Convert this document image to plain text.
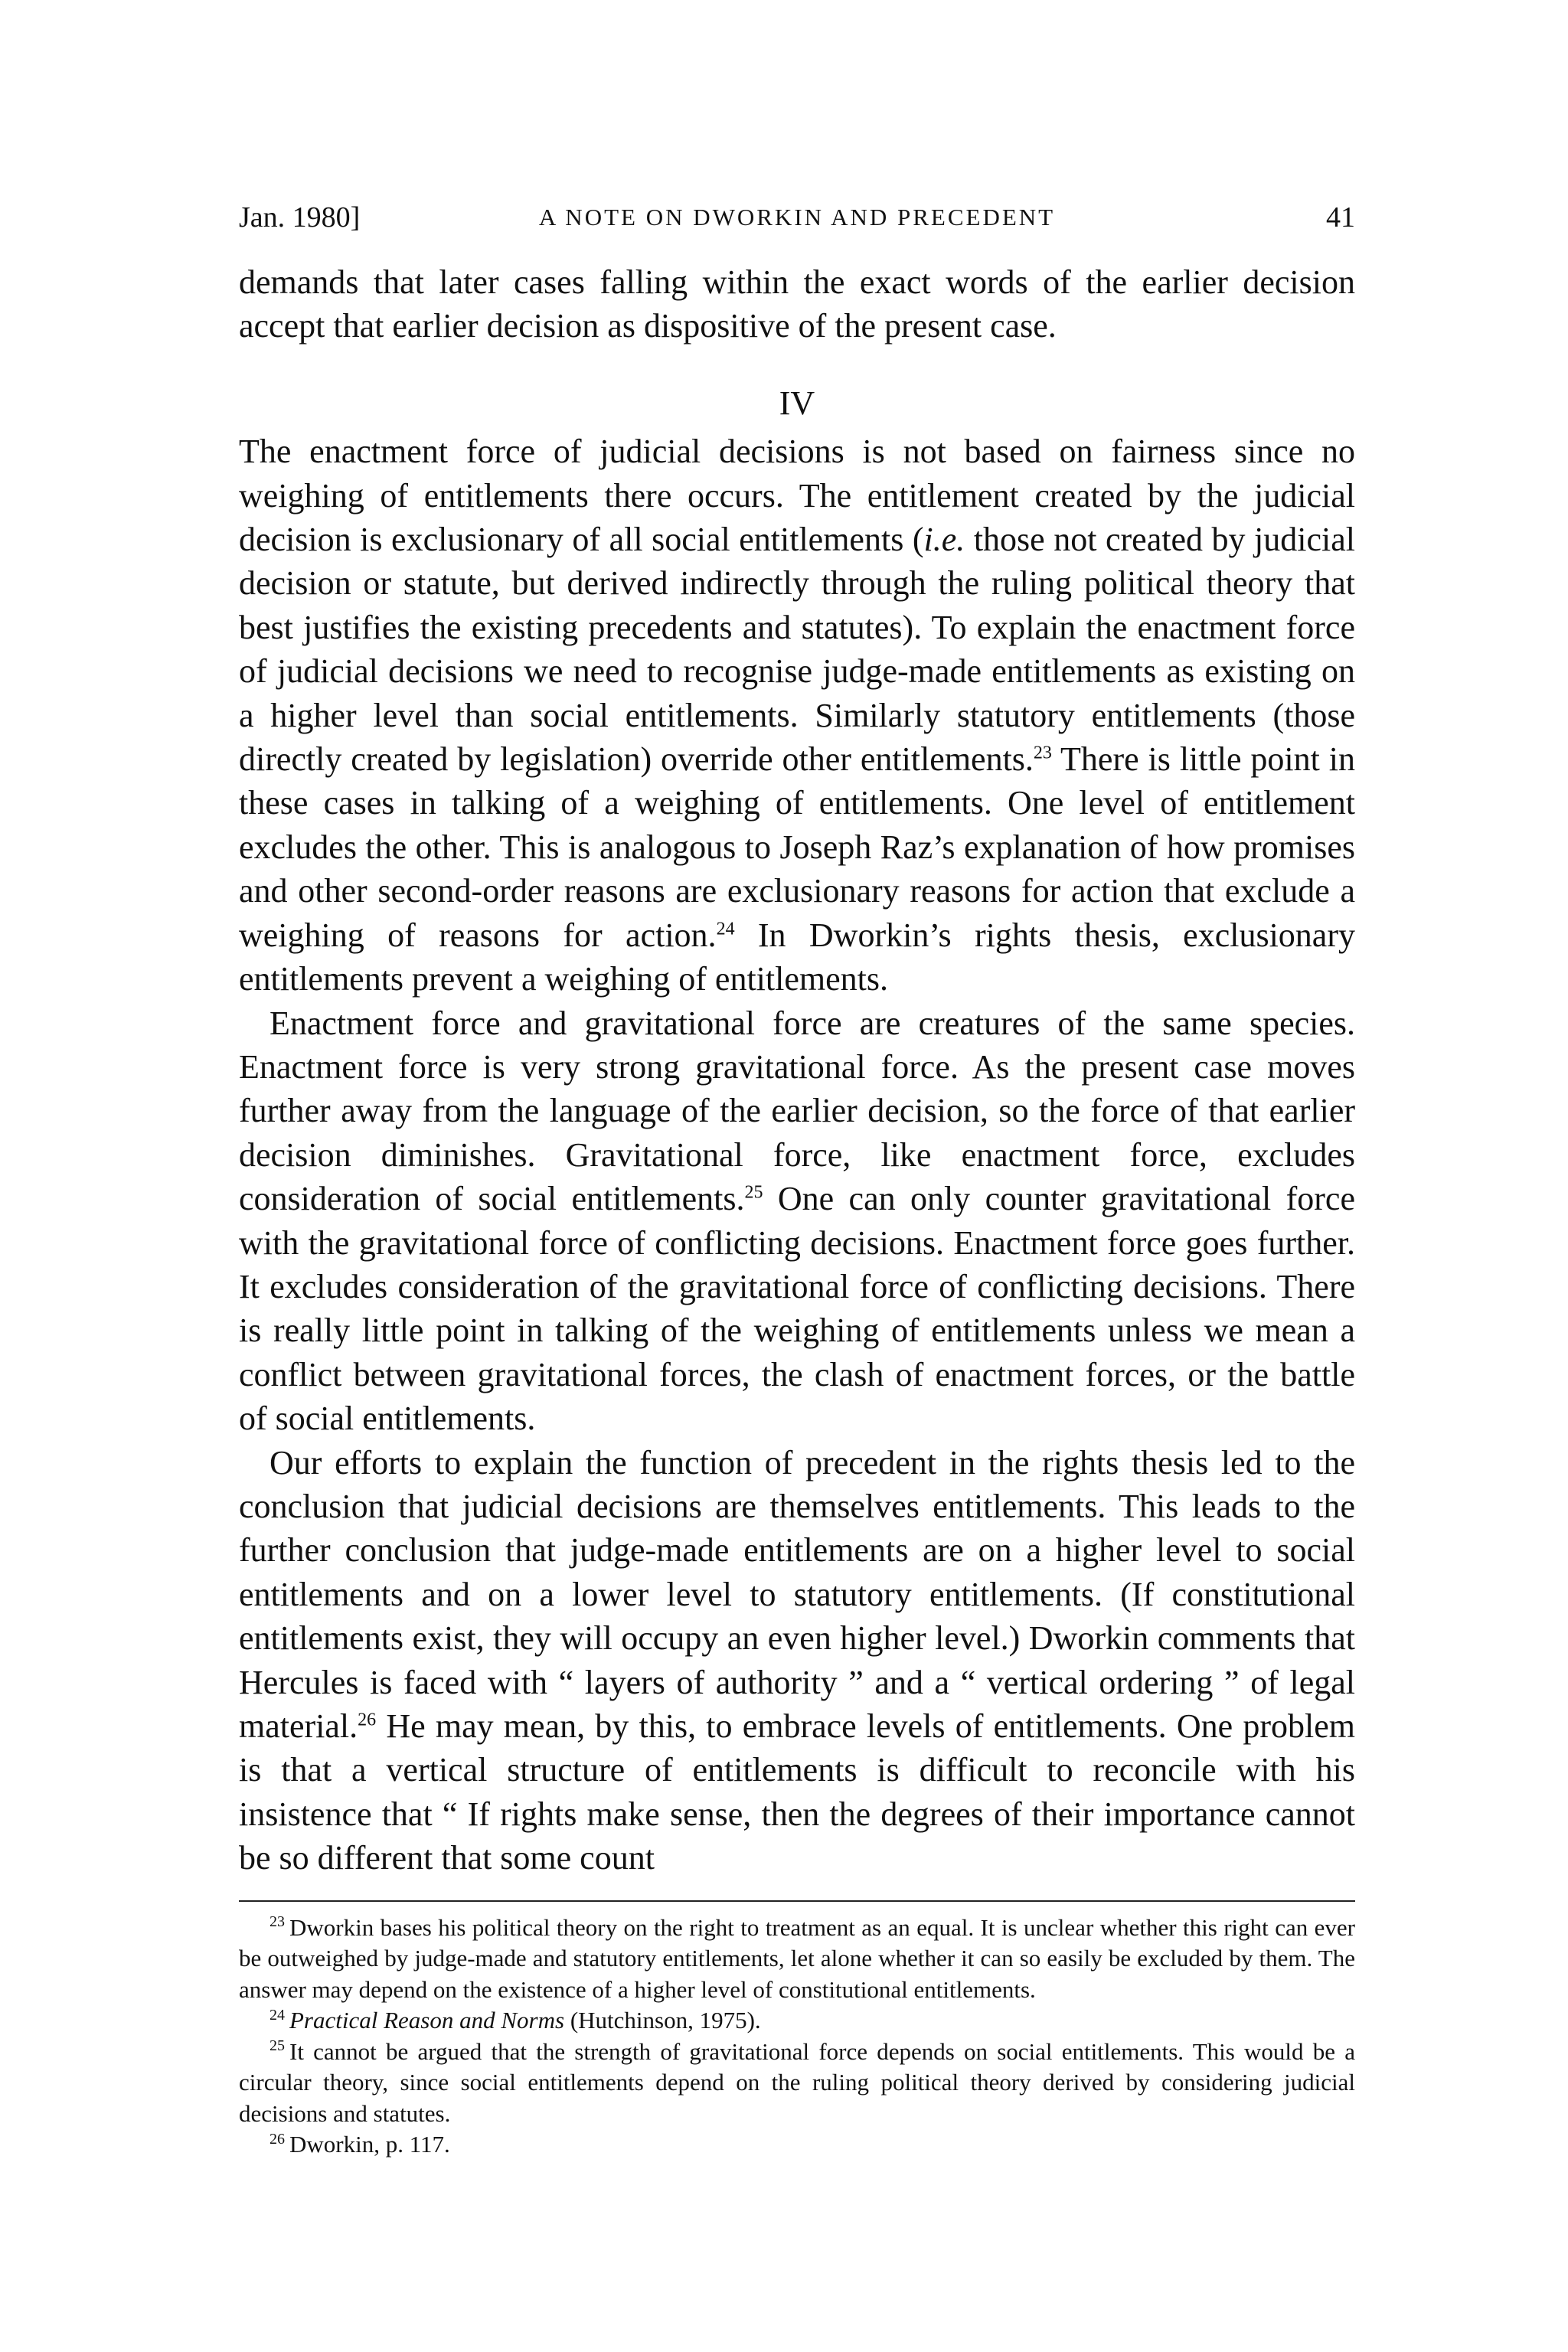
Jan. 1980]	A NOTE ON DWORKIN AND PRECEDENT	41

demands that later cases falling within the exact words of the earlier decision accept that earlier decision as dispositive of the present case.

IV

The enactment force of judicial decisions is not based on fairness since no weighing of entitlements there occurs. The entitlement created by the judicial decision is exclusionary of all social entitlements (i.e. those not created by judicial decision or statute, but derived indirectly through the ruling political theory that best justifies the existing precedents and statutes). To explain the enactment force of judicial decisions we need to recognise judge-made entitlements as existing on a higher level than social entitlements. Similarly statutory entitlements (those directly created by legislation) override other entitlements.$^{23}$ There is little point in these cases in talking of a weighing of entitlements. One level of entitlement excludes the other. This is analogous to Joseph Raz’s explanation of how promises and other second-order reasons are exclusionary reasons for action that exclude a weighing of reasons for action.$^{24}$ In Dworkin’s rights thesis, exclusionary entitlements prevent a weighing of entitlements.

Enactment force and gravitational force are creatures of the same species. Enactment force is very strong gravitational force. As the present case moves further away from the language of the earlier decision, so the force of that earlier decision diminishes. Gravitational force, like enactment force, excludes consideration of social entitlements.$^{25}$ One can only counter gravitational force with the gravitational force of conflicting decisions. Enactment force goes further. It excludes consideration of the gravitational force of conflicting decisions. There is really little point in talking of the weighing of entitlements unless we mean a conflict between gravitational forces, the clash of enactment forces, or the battle of social entitlements.

Our efforts to explain the function of precedent in the rights thesis led to the conclusion that judicial decisions are themselves entitlements. This leads to the further conclusion that judge-made entitlements are on a higher level to social entitlements and on a lower level to statutory entitlements. (If constitutional entitlements exist, they will occupy an even higher level.) Dworkin comments that Hercules is faced with “ layers of authority ” and a “ vertical ordering ” of legal material.$^{26}$ He may mean, by this, to embrace levels of entitlements. One problem is that a vertical structure of entitlements is difficult to reconcile with his insistence that “ If rights make sense, then the degrees of their importance cannot be so different that some count

$^{23}$ Dworkin bases his political theory on the right to treatment as an equal. It is unclear whether this right can ever be outweighed by judge-made and statutory entitlements, let alone whether it can so easily be excluded by them. The answer may depend on the existence of a higher level of constitutional entitlements.

$^{24}$ Practical Reason and Norms (Hutchinson, 1975).

$^{25}$ It cannot be argued that the strength of gravitational force depends on social entitlements. This would be a circular theory, since social entitlements depend on the ruling political theory derived by considering judicial decisions and statutes.

$^{26}$ Dworkin, p. 117.
